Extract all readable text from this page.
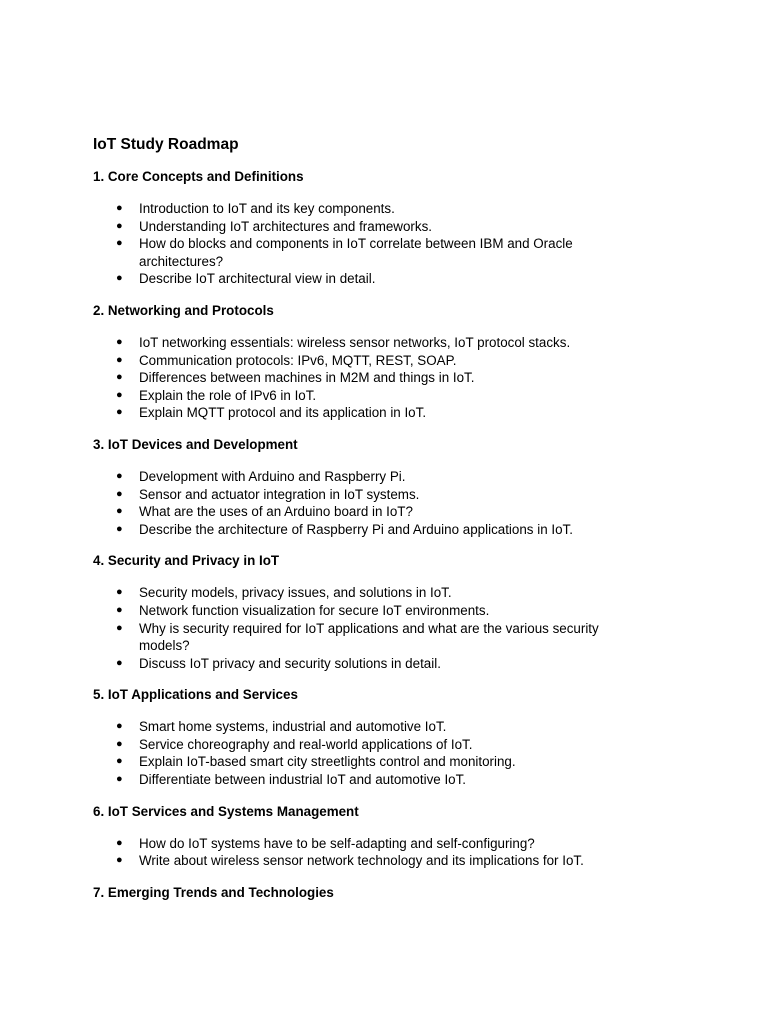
IoT Study Roadmap
1. Core Concepts and Definitions
● Introduction to IoT and its key components.
● Understanding IoT architectures and frameworks.
● How do blocks and components in IoT correlate between IBM and Oracle architectures?
● Describe IoT architectural view in detail.
2. Networking and Protocols
● IoT networking essentials: wireless sensor networks, IoT protocol stacks.
● Communication protocols: IPv6, MQTT, REST, SOAP.
● Differences between machines in M2M and things in IoT.
● Explain the role of IPv6 in IoT.
● Explain MQTT protocol and its application in IoT.
3. IoT Devices and Development
● Development with Arduino and Raspberry Pi.
● Sensor and actuator integration in IoT systems.
● What are the uses of an Arduino board in IoT?
● Describe the architecture of Raspberry Pi and Arduino applications in IoT.
4. Security and Privacy in IoT
● Security models, privacy issues, and solutions in IoT.
● Network function visualization for secure IoT environments.
● Why is security required for IoT applications and what are the various security models?
● Discuss IoT privacy and security solutions in detail.
5. IoT Applications and Services
● Smart home systems, industrial and automotive IoT.
● Service choreography and real-world applications of IoT.
● Explain IoT-based smart city streetlights control and monitoring.
● Differentiate between industrial IoT and automotive IoT.
6. IoT Services and Systems Management
● How do IoT systems have to be self-adapting and self-configuring?
● Write about wireless sensor network technology and its implications for IoT.
7. Emerging Trends and Technologies
